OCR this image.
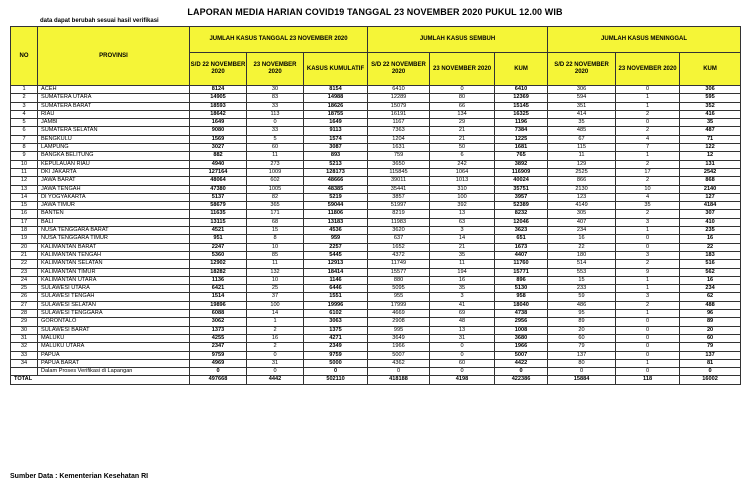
LAPORAN MEDIA HARIAN COVID19 TANGGAL 23 NOVEMBER 2020 PUKUL 12.00 WIB
data dapat berubah sesuai hasil verifikasi
NO	PROVINSI	JUMLAH KASUS TANGGAL 23 NOVEMBER 2020			JUMLAH KASUS SEMBUH			JUMLAH KASUS MENINGGAL		
		S/D 22 NOVEMBER 2020	23 NOVEMBER 2020	KASUS KUMULATIF	S/D 22 NOVEMBER 2020	23 NOVEMBER 2020	KUM	S/D 22 NOVEMBER 2020	23 NOVEMBER 2020	KUM
1	ACEH	8124	30	8154	6410	0	6410	306	0	306
2	SUMATERA UTARA	14905	83	14988	12289	80	12369	594	1	595
3	SUMATERA BARAT	18593	33	18626	15079	66	15145	351	1	352
4	RIAU	18642	113	18755	16191	134	16325	414	2	416
5	JAMBI	1649	0	1649	1167	29	1196	35	0	35
6	SUMATERA SELATAN	9080	33	9113	7363	21	7384	485	2	487
7	BENGKULU	1569	5	1574	1204	21	1225	67	4	71
8	LAMPUNG	3027	60	3087	1631	50	1681	115	7	122
9	BANGKA BELITUNG	882	11	893	759	6	765	11	1	12
10	KEPULAUAN RIAU	4940	273	5213	3650	242	3892	129	2	131
11	DKI JAKARTA	127164	1009	128173	115845	1064	116909	2525	17	2542
12	JAWA BARAT	48064	602	48666	39011	1013	40024	866	2	868
13	JAWA TENGAH	47380	1005	48385	35441	310	35751	2130	10	2140
14	DI YOGYAKARTA	5137	82	5219	3857	100	3957	123	4	127
15	JAWA TIMUR	58679	365	59044	51997	392	52389	4149	35	4184
16	BANTEN	11635	171	11806	8219	13	8232	305	2	307
17	BALI	13115	68	13183	11983	63	12046	407	3	410
18	NUSA TENGGARA BARAT	4521	15	4536	3620	3	3623	234	1	235
19	NUSA TENGGARA TIMUR	951	8	959	637	14	651	16	0	16
20	KALIMANTAN BARAT	2247	10	2257	1652	21	1673	22	0	22
21	KALIMANTAN TENGAH	5360	85	5445	4372	35	4407	180	3	183
22	KALIMANTAN SELATAN	12902	11	12913	11749	11	11760	514	2	516
23	KALIMANTAN TIMUR	18282	132	18414	15577	194	15771	553	9	562
24	KALIMANTAN UTARA	1136	10	1146	880	16	896	15	1	16
25	SULAWESI UTARA	6421	25	6446	5095	35	5130	233	1	234
26	SULAWESI TENGAH	1514	37	1551	955	3	958	59	3	62
27	SULAWESI SELATAN	19896	100	19996	17999	41	18040	486	2	488
28	SULAWESI TENGGARA	6088	14	6102	4669	69	4738	95	1	96
29	GORONTALO	3062	1	3063	2908	48	2956	89	0	89
30	SULAWESI BARAT	1373	2	1375	995	13	1008	20	0	20
31	MALUKU	4255	16	4271	3649	31	3680	60	0	60
32	MALUKU UTARA	2347	2	2349	1966	0	1966	79	0	79
33	PAPUA	9759	0	9759	5007	0	5007	137	0	137
34	PAPUA BARAT	4969	31	5000	4362	60	4422	80	1	81
	Dalam Proses Verifikasi di Lapangan	0	0	0	0	0	0	0	0	0
TOTAL		497668	4442	502110	418188	4198	422386	15884	118	16002
Sumber Data : Kementerian Kesehatan RI
